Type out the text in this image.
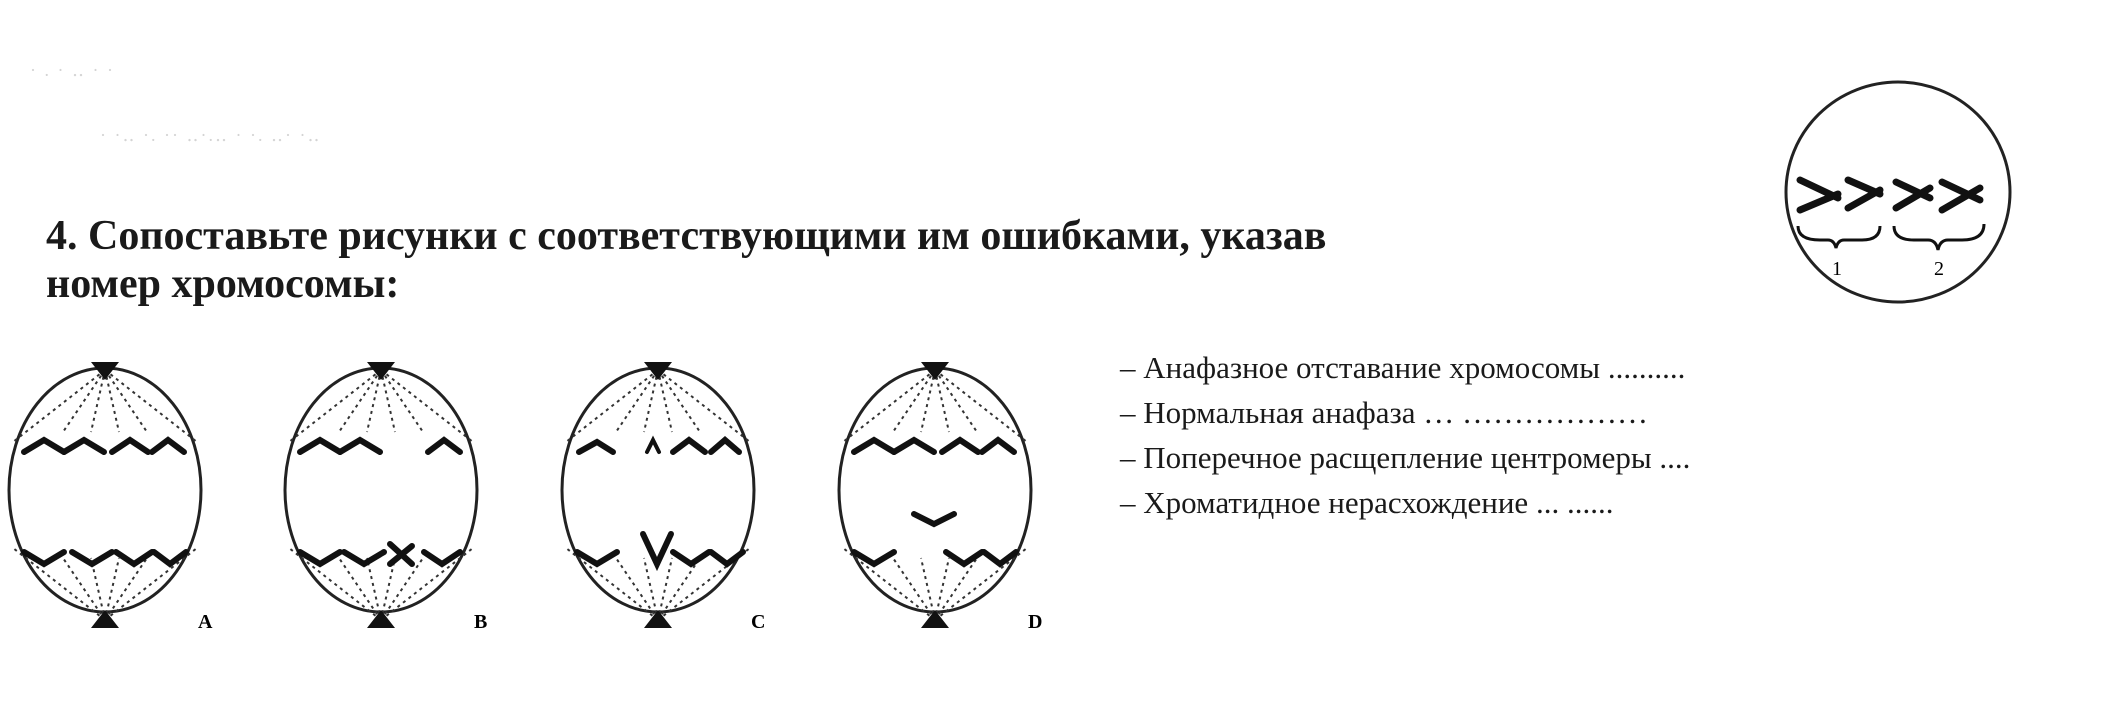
· ·‥ ·. ·· ‥·.‥ · ·. ‥· ·‥
· . · ‥ · ·
4. Сопоставьте рисунки с соответствующими им ошибками, указав номер хромосомы:	1	2
A	B	C	D
– Анафазное отставание хромосомы ..........
– Нормальная анафаза … ………………
– Поперечное расщепление центромеры ....
– Хроматидное нерасхождение ... ......
